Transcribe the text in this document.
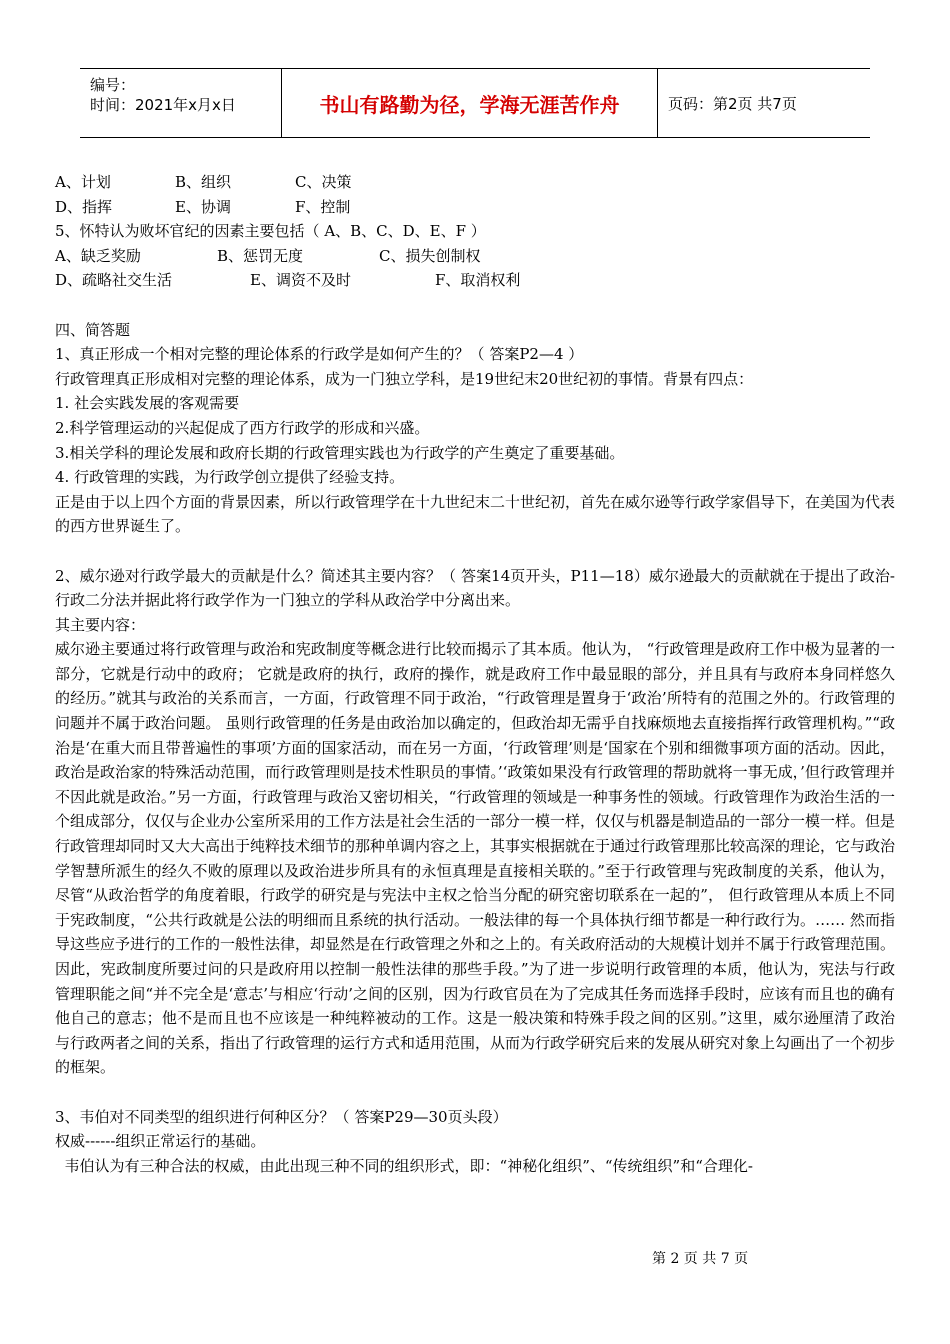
编号：
时间：2021年x月x日	书山有路勤为径，学海无涯苦作舟	页码：第2页 共7页
A、计划	B、组织	C、决策
D、指挥	E、协调	F、控制
5、怀特认为败坏官纪的因素主要包括（ A、B、C、D、E、F ）
A、缺乏奖励	B、惩罚无度	C、损失创制权
D、疏略社交生活	E、调资不及时	F、取消权利
四、简答题
1、真正形成一个相对完整的理论体系的行政学是如何产生的？（ 答案P2—4 ）
行政管理真正形成相对完整的理论体系，成为一门独立学科，是19世纪末20世纪初的事情。背景有四点：
1. 社会实践发展的客观需要
2.科学管理运动的兴起促成了西方行政学的形成和兴盛。
3.相关学科的理论发展和政府长期的行政管理实践也为行政学的产生奠定了重要基础。
4. 行政管理的实践，为行政学创立提供了经验支持。
正是由于以上四个方面的背景因素，所以行政管理学在十九世纪末二十世纪初，首先在威尔逊等行政学家倡导下，在美国为代表的西方世界诞生了。
2、威尔逊对行政学最大的贡献是什么？简述其主要内容？（ 答案14页开头，P11—18）威尔逊最大的贡献就在于提出了政治-行政二分法并据此将行政学作为一门独立的学科从政治学中分离出来。
其主要内容：
威尔逊主要通过将行政管理与政治和宪政制度等概念进行比较而揭示了其本质。他认为， “行政管理是政府工作中极为显著的一部分，它就是行动中的政府； 它就是政府的执行，政府的操作，就是政府工作中最显眼的部分，并且具有与政府本身同样悠久的经历。”就其与政治的关系而言，一方面，行政管理不同于政治，“行政管理是置身于‘政治’所特有的范围之外的。行政管理的问题并不属于政治问题。 虽则行政管理的任务是由政治加以确定的，但政治却无需乎自找麻烦地去直接指挥行政管理机构。”“政治是‘在重大而且带普遍性的事项’方面的国家活动，而在另一方面，‘行政管理’则是‘国家在个别和细微事项方面的活动。因此，政治是政治家的特殊活动范围，而行政管理则是技术性职员的事情。’‘政策如果没有行政管理的帮助就将一事无成，’但行政管理并不因此就是政治。”另一方面，行政管理与政治又密切相关，“行政管理的领域是一种事务性的领域。行政管理作为政治生活的一个组成部分，仅仅与企业办公室所采用的工作方法是社会生活的一部分一模一样，仅仅与机器是制造品的一部分一模一样。但是行政管理却同时又大大高出于纯粹技术细节的那种单调内容之上，其事实根据就在于通过行政管理那比较高深的理论，它与政治学智慧所派生的经久不败的原理以及政治进步所具有的永恒真理是直接相关联的。”至于行政管理与宪政制度的关系，他认为，尽管“从政治哲学的角度着眼，行政学的研究是与宪法中主权之恰当分配的研究密切联系在一起的”， 但行政管理从本质上不同于宪政制度，“公共行政就是公法的明细而且系统的执行活动。一般法律的每一个具体执行细节都是一种行政行为。…… 然而指导这些应予进行的工作的一般性法律，却显然是在行政管理之外和之上的。有关政府活动的大规模计划并不属于行政管理范围。因此，宪政制度所要过问的只是政府用以控制一般性法律的那些手段。”为了进一步说明行政管理的本质，他认为，宪法与行政管理职能之间“并不完全是‘意志’与相应‘行动’之间的区别，因为行政官员在为了完成其任务而选择手段时，应该有而且也的确有他自己的意志；他不是而且也不应该是一种纯粹被动的工作。这是一般决策和特殊手段之间的区别。”这里，威尔逊厘清了政治与行政两者之间的关系，指出了行政管理的运行方式和适用范围，从而为行政学研究后来的发展从研究对象上勾画出了一个初步的框架。
3、韦伯对不同类型的组织进行何种区分？（ 答案P29—30页头段）
权威------组织正常运行的基础。
韦伯认为有三种合法的权威，由此出现三种不同的组织形式，即：“神秘化组织”、“传统组织”和“合理化-
第 2 页 共 7 页
